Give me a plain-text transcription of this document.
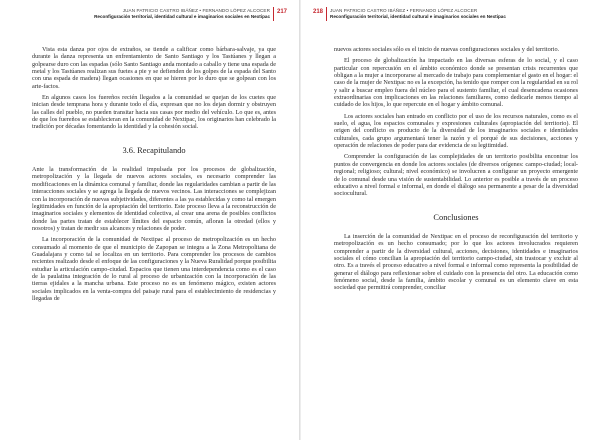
JUAN PATRICIO CASTRO IBÁÑEZ • FERNANDO LÓPEZ ALCOCER
Reconfiguración territorial, identidad cultural e imaginarios sociales en Nextipac
217

Vista esta danza por ojos de extraños, se tiende a calificar como bárbara-salvaje, ya que durante la danza representa un enfrentamiento de Santo Santiago y los Tastúanes y llegan a golpearse duro con las espadas (sólo Santo Santiago anda montado a caballo y tiene una espada de metal y los Tastúanes realizan sus fuetes a pie y se defienden de los golpes de la espada del Santo con una espada de madera) llegan ocasiones en que se hieren por lo duro que se golpean con los arte-factos.

En algunos casos los fuereños recién llegados a la comunidad se quejan de los cuetes que inician desde temprana hora y durante todo el día, expresan que no los dejan dormir y obstruyen las calles del pueblo, no pueden transitar hacia sus casas por medio del vehículo. Lo que es, antes de que los fuereños se establecieran en la comunidad de Nextipac, los originarios han celebrado la tradición por décadas fomentando la identidad y la cohesión social.

3.6. Recapitulando

Ante la transformación de la realidad impulsada por los procesos de globalización, metropolización y la llegada de nuevos actores sociales, es necesario comprender las modificaciones en la dinámica comunal y familiar, donde las regularidades cambian a partir de las interacciones sociales y se agrega la llegada de nuevos vecinos. Las interacciones se complejizan con la incorporación de nuevas subjetividades, diferentes a las ya establecidas y como tal emergen legitimidades en función de la apropiación del territorio. Este proceso lleva a la reconstrucción de imaginarios sociales y elementos de identidad colectiva, al crear una arena de posibles conflictos donde las partes tratan de establecer límites del espacio común, afloran la otredad (ellos y nosotros) y tratan de medir sus alcances y relaciones de poder.

La incorporación de la comunidad de Nextipac al proceso de metropolización es un hecho consumado al momento de que el municipio de Zapopan se integra a la Zona Metropolitana de Guadalajara y como tal se localiza en un territorio. Para comprender los procesos de cambios recientes realizado desde el enfoque de las configuraciones y la Nueva Ruralidad porque posibilita estudiar la articulación campo-ciudad. Espacios que tienen una interdependencia como es el caso de la paulatina integración de lo rural al proceso de urbanización con la incorporación de las tierras ejidales a la mancha urbana. Este proceso no es un fenómeno mágico, existen actores sociales implicados en la venta-compra del paisaje rural para el establecimiento de residencias y llegadas de

218 JUAN PATRICIO CASTRO IBÁÑEZ • FERNANDO LÓPEZ ALCOCER
Reconfiguración territorial, identidad cultural e imaginarios sociales en Nextipac

nuevos actores sociales sólo es el inicio de nuevas configuraciones sociales y del territorio.

El proceso de globalización ha impactado en las diversas esferas de lo social, y el caso particular con repercusión en el ámbito económico donde se presentan crisis recurrentes que obligan a la mujer a incorporarse al mercado de trabajo para complementar el gasto en el hogar: el caso de la mujer de Nextipac no es la excepción, ha tenido que romper con la regularidad en su rol y salir a buscar empleo fuera del núcleo para el sustento familiar, el cual desencadena ocasiones extraordinarias con implicaciones en las relaciones familiares, como dedicarle menos tiempo al cuidado de los hijos, lo que repercute en el hogar y ámbito comunal.

Los actores sociales han entrado en conflicto por el uso de los recursos naturales, como es el suelo, el agua, los espacios comunales y expresiones culturales (apropiación del territorio). El origen del conflicto es producto de la diversidad de los imaginarios sociales e identidades culturales, cada grupo argumentará tener la razón y el porqué de sus decisiones, acciones y operación de relaciones de poder para dar evidencia de su legitimidad.

Comprender la configuración de las complejidades de un territorio posibilita encontrar los puntos de convergencia en donde los actores sociales (de diversos orígenes: campo-ciudad; local-regional; religioso; cultural; nivel económico) se involucren a configurar un proyecto emergente de lo comunal desde una visión de sustentabilidad. Lo anterior es posible a través de un proceso educativo a nivel formal e informal, en donde el diálogo sea permanente a pesar de la diversidad sociocultural.

Conclusiones

La inserción de la comunidad de Nextipac en el proceso de reconfiguración del territorio y metropolización es un hecho consumado; por lo que los actores involucrados requieren comprender a partir de la diversidad cultural, acciones, decisiones, identidades e imaginarios sociales el cómo concilian la apropiación del territorio campo-ciudad, sin trastocar y excluir al otro. Es a través el proceso educativo a nivel formal e informal como representa la posibilidad de generar el diálogo para reflexionar sobre el cuidado con la presencia del otro. La educación como fenómeno social, desde la familia, ámbito escolar y comunal es un elemento clave en esta sociedad que permitirá comprender, conciliar
